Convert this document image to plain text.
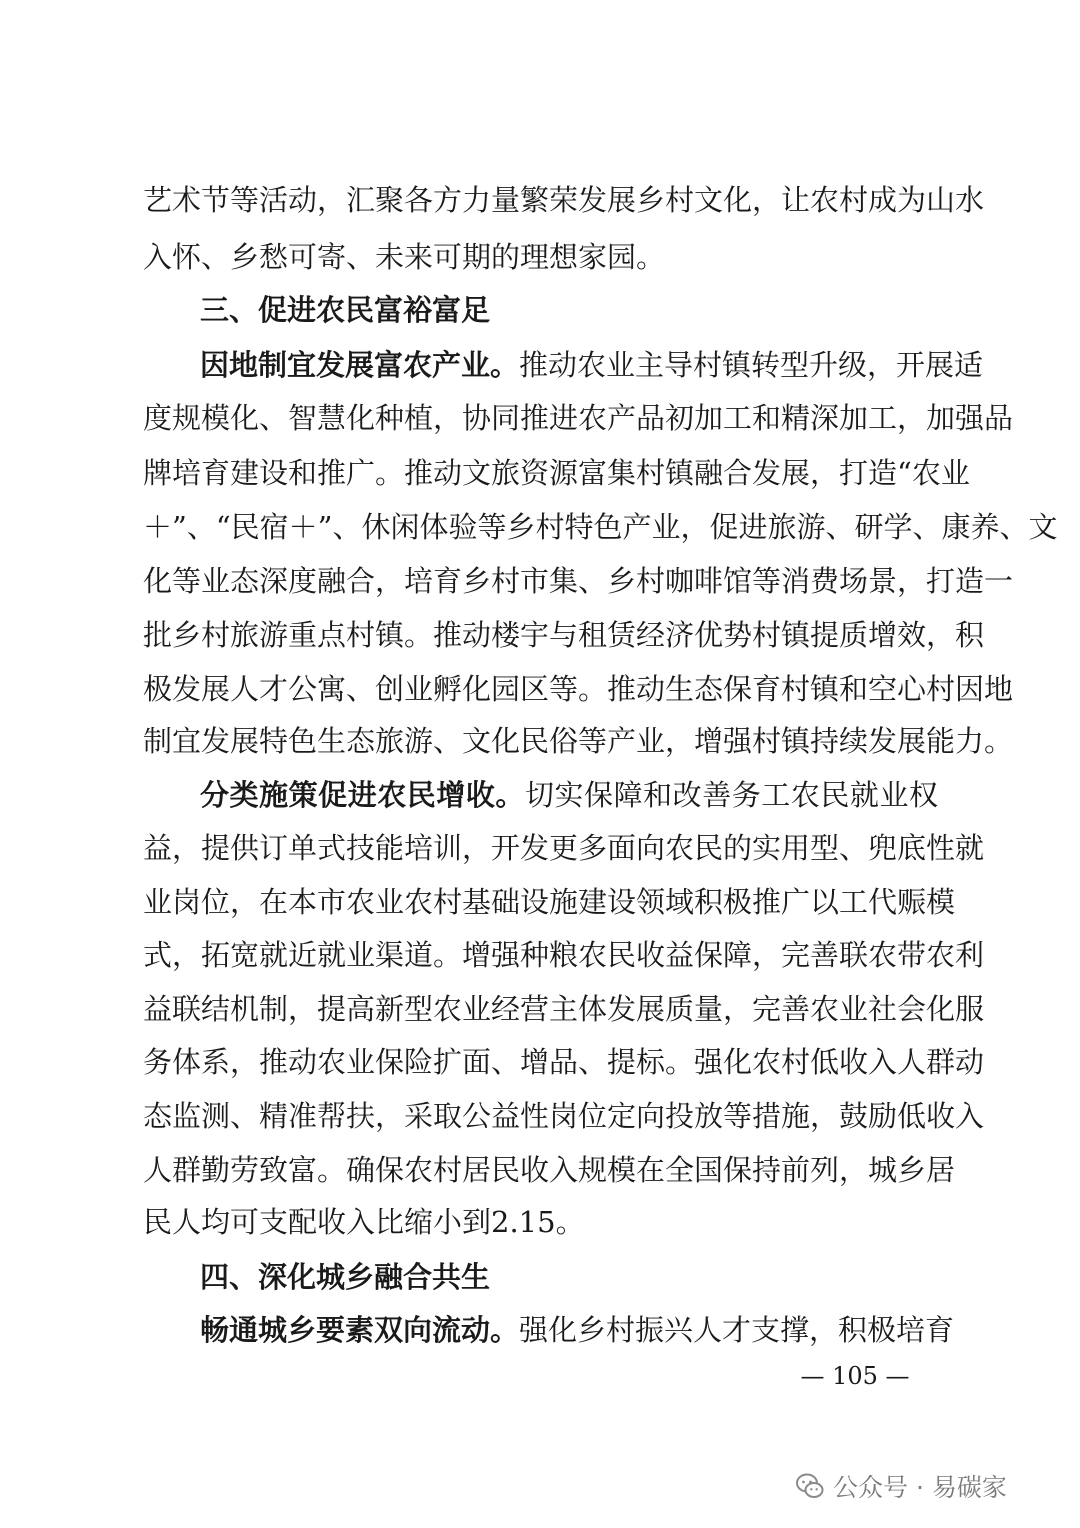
艺术节等活动，汇聚各方力量繁荣发展乡村文化，让农村成为山水
入怀、乡愁可寄、未来可期的理想家园。
三、促进农民富裕富足
因地制宜发展富农产业。推动农业主导村镇转型升级，开展适
度规模化、智慧化种植，协同推进农产品初加工和精深加工，加强品
牌培育建设和推广。推动文旅资源富集村镇融合发展，打造“农业
＋”、“民宿＋”、休闲体验等乡村特色产业，促进旅游、研学、康养、文
化等业态深度融合，培育乡村市集、乡村咖啡馆等消费场景，打造一
批乡村旅游重点村镇。推动楼宇与租赁经济优势村镇提质增效，积
极发展人才公寓、创业孵化园区等。推动生态保育村镇和空心村因地
制宜发展特色生态旅游、文化民俗等产业，增强村镇持续发展能力。
分类施策促进农民增收。切实保障和改善务工农民就业权
益，提供订单式技能培训，开发更多面向农民的实用型、兜底性就
业岗位，在本市农业农村基础设施建设领域积极推广以工代赈模
式，拓宽就近就业渠道。增强种粮农民收益保障，完善联农带农利
益联结机制，提高新型农业经营主体发展质量，完善农业社会化服
务体系，推动农业保险扩面、增品、提标。强化农村低收入人群动
态监测、精准帮扶，采取公益性岗位定向投放等措施，鼓励低收入
人群勤劳致富。确保农村居民收入规模在全国保持前列，城乡居
民人均可支配收入比缩小到2.15。
四、深化城乡融合共生
畅通城乡要素双向流动。强化乡村振兴人才支撑，积极培育
— 105 —
公众号 · 易碳家
